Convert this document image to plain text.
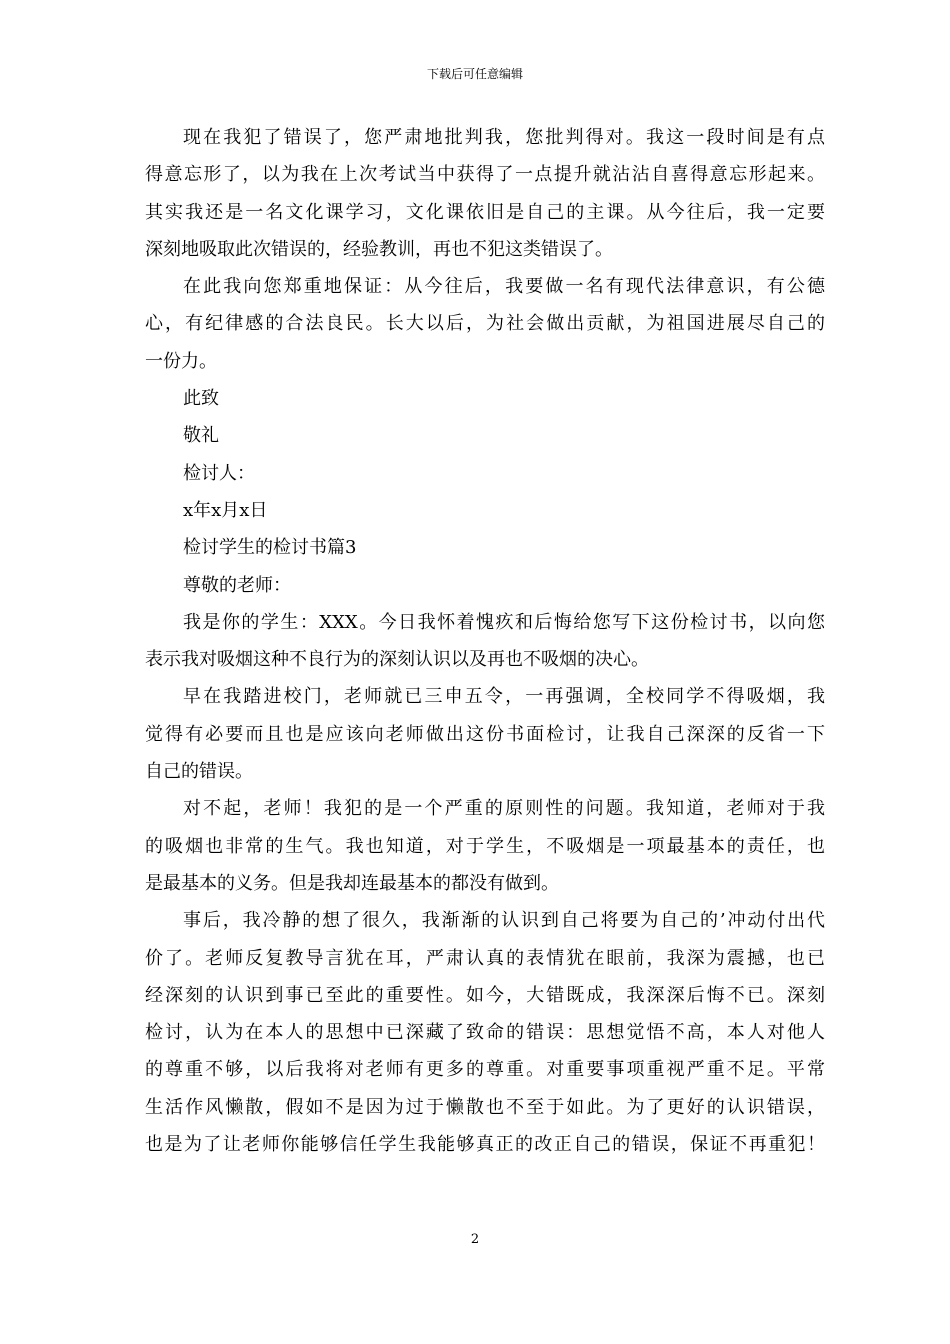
下载后可任意编辑
现在我犯了错误了，您严肃地批判我，您批判得对。我这一段时间是有点
得意忘形了，以为我在上次考试当中获得了一点提升就沾沾自喜得意忘形起来。
其实我还是一名文化课学习，文化课依旧是自己的主课。从今往后，我一定要
深刻地吸取此次错误的，经验教训，再也不犯这类错误了。
在此我向您郑重地保证：从今往后，我要做一名有现代法律意识，有公德
心，有纪律感的合法良民。长大以后，为社会做出贡献，为祖国进展尽自己的
一份力。
此致
敬礼
检讨人：
x年x月x日
检讨学生的检讨书篇3
尊敬的老师：
我是你的学生：XXX。今日我怀着愧疚和后悔给您写下这份检讨书，以向您
表示我对吸烟这种不良行为的深刻认识以及再也不吸烟的决心。
早在我踏进校门，老师就已三申五令，一再强调，全校同学不得吸烟，我
觉得有必要而且也是应该向老师做出这份书面检讨，让我自己深深的反省一下
自己的错误。
对不起，老师！我犯的是一个严重的原则性的问题。我知道，老师对于我
的吸烟也非常的生气。我也知道，对于学生，不吸烟是一项最基本的责任，也
是最基本的义务。但是我却连最基本的都没有做到。
事后，我冷静的想了很久，我渐渐的认识到自己将要为自己的’冲动付出代
价了。老师反复教导言犹在耳，严肃认真的表情犹在眼前，我深为震撼，也已
经深刻的认识到事已至此的重要性。如今，大错既成，我深深后悔不已。深刻
检讨，认为在本人的思想中已深藏了致命的错误：思想觉悟不高，本人对他人
的尊重不够，以后我将对老师有更多的尊重。对重要事项重视严重不足。平常
生活作风懒散，假如不是因为过于懒散也不至于如此。为了更好的认识错误，
也是为了让老师你能够信任学生我能够真正的改正自己的错误，保证不再重犯！
2
